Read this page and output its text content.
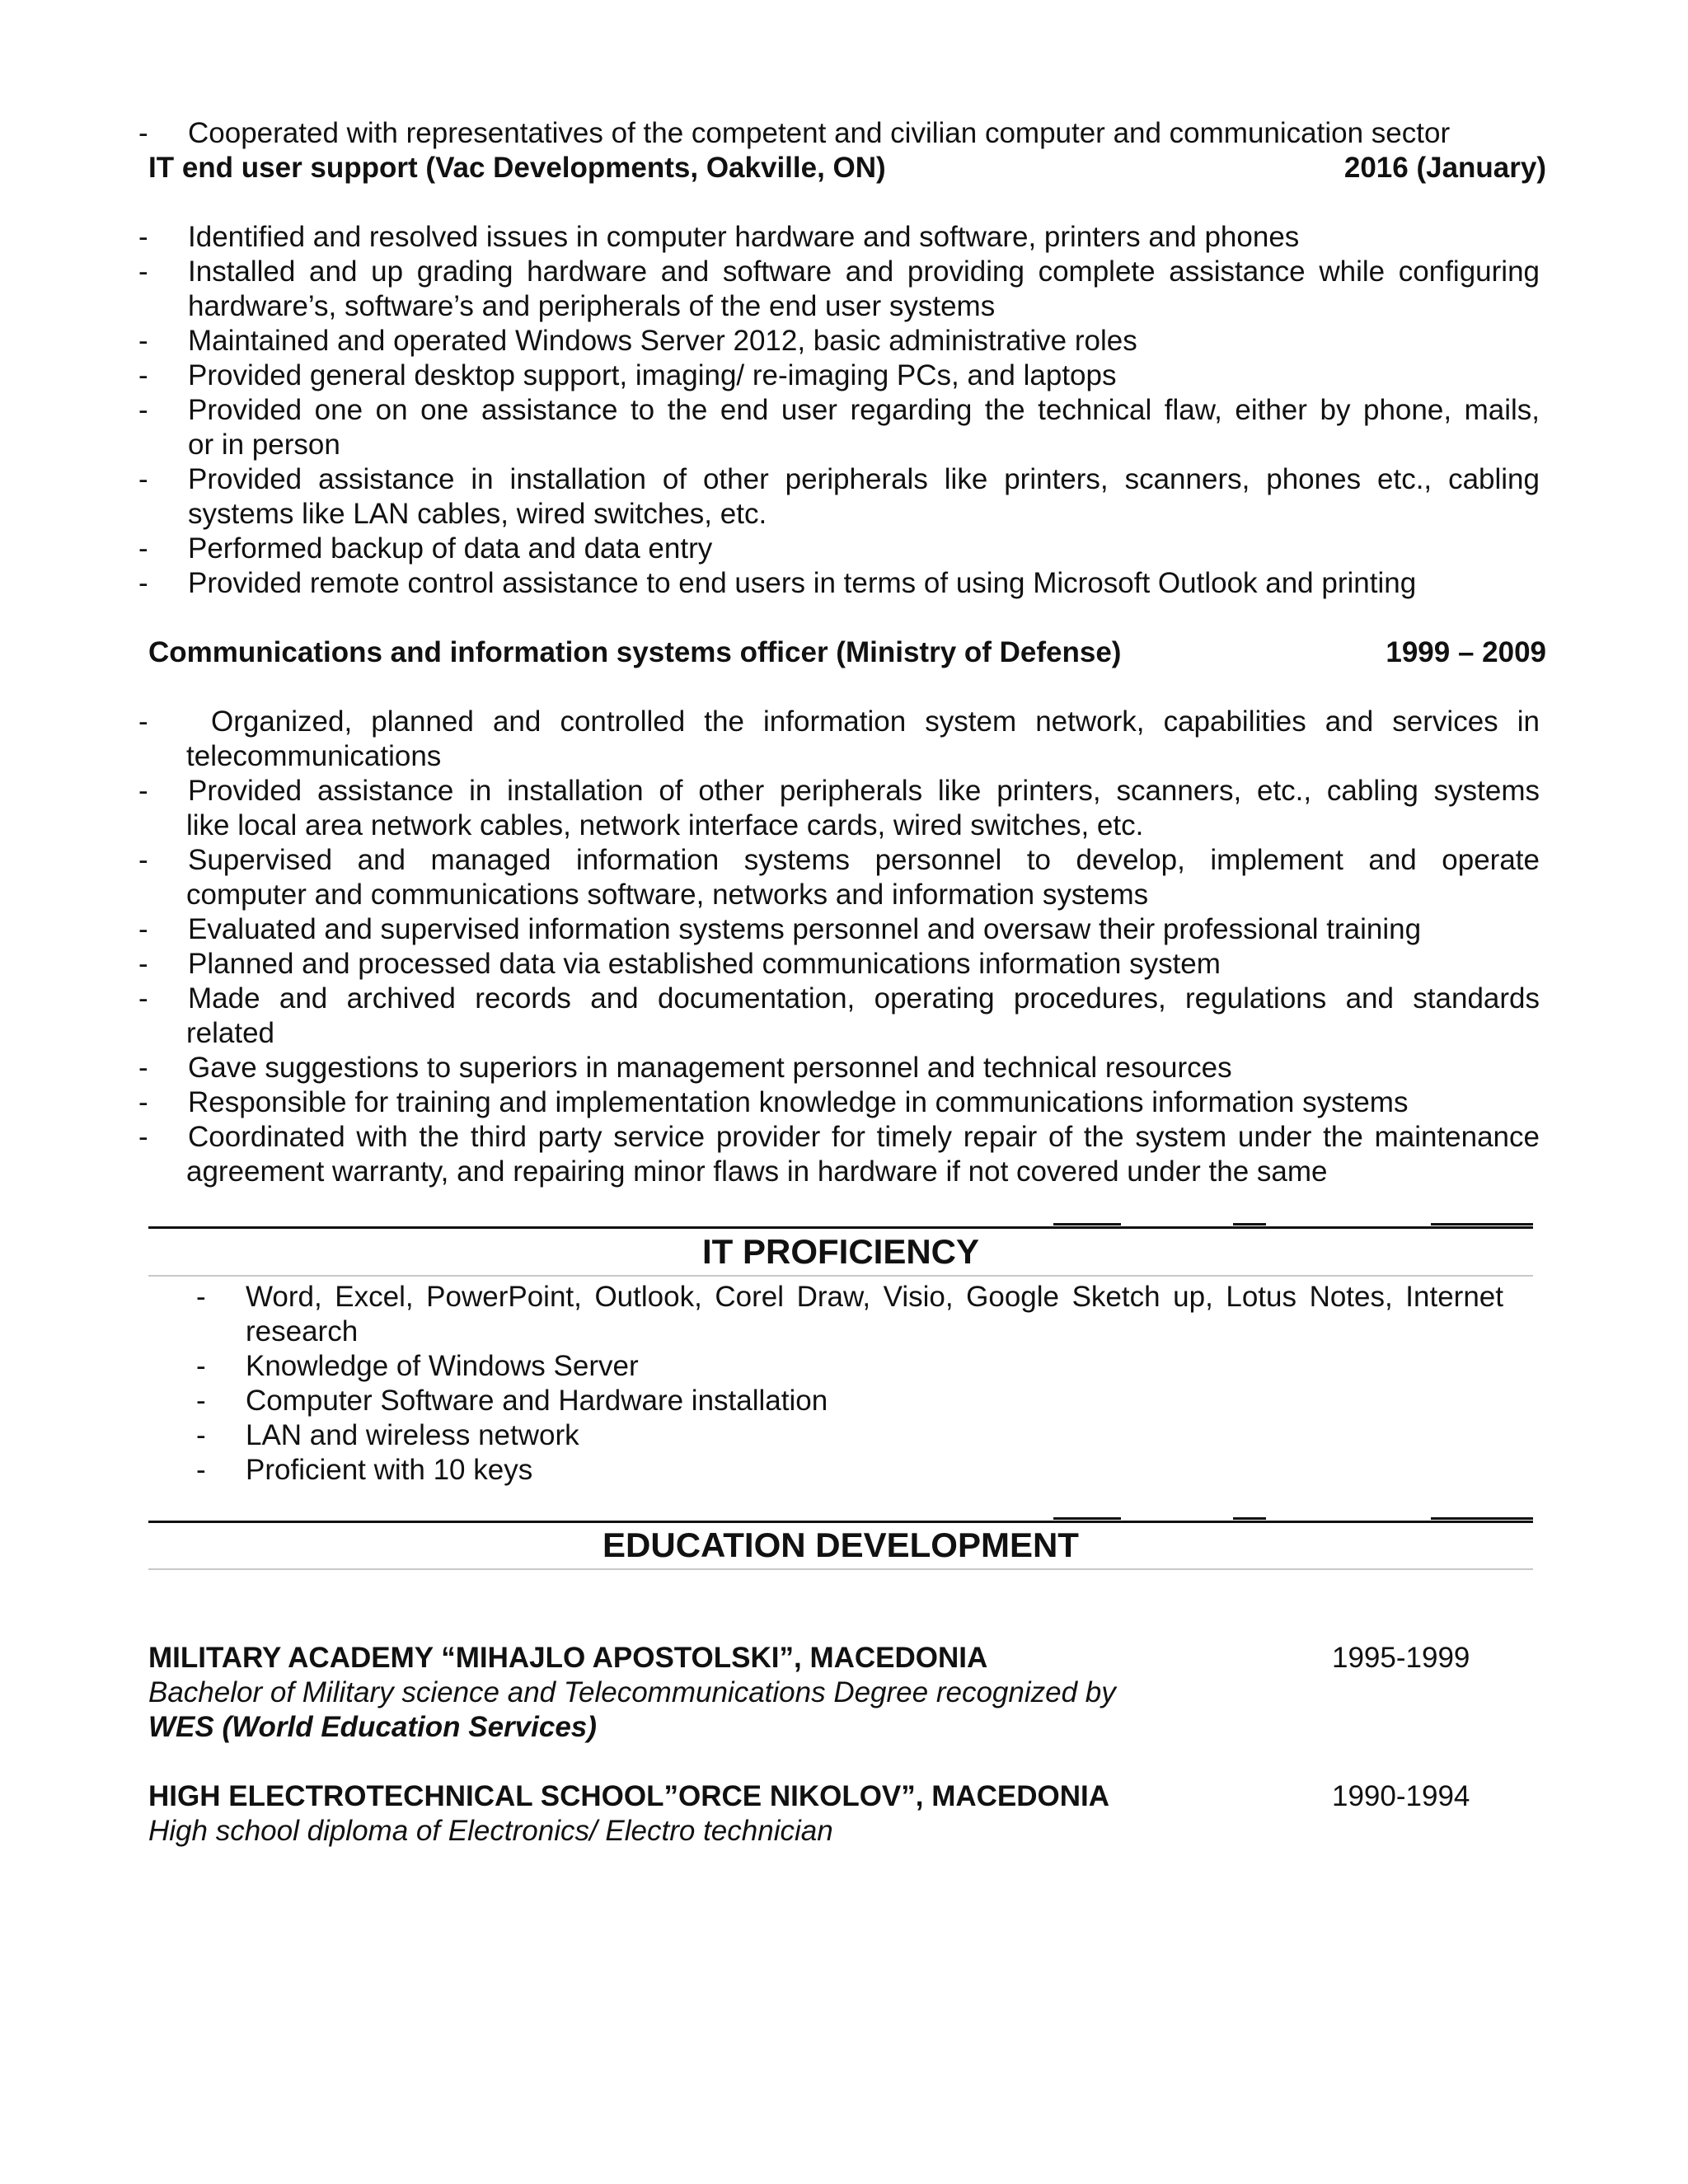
- Cooperated with representatives of the competent and civilian computer and communication sector
IT end user support (Vac Developments, Oakville, ON)	2016 (January)
- Identified and resolved issues in computer hardware and software, printers and phones
- Installed and up grading hardware and software and providing complete assistance while configuring
hardware’s, software’s and peripherals of the end user systems
- Maintained and operated Windows Server 2012, basic administrative roles
- Provided general desktop support, imaging/ re-imaging PCs, and laptops
- Provided one on one assistance to the end user regarding the technical flaw, either by phone, mails,
or in person
- Provided assistance in installation of other peripherals like printers, scanners, phones etc., cabling
systems like LAN cables, wired switches, etc.
- Performed backup of data and data entry
- Provided remote control assistance to end users in terms of using Microsoft Outlook and printing
Communications and information systems officer (Ministry of Defense)	1999 – 2009
- Organized, planned and controlled the information system network, capabilities and services in
telecommunications
- Provided assistance in installation of other peripherals like printers, scanners, etc., cabling systems
like local area network cables, network interface cards, wired switches, etc.
- Supervised and managed information systems personnel to develop, implement and operate
computer and communications software, networks and information systems
- Evaluated and supervised information systems personnel and oversaw their professional training
- Planned and processed data via established communications information system
- Made and archived records and documentation, operating procedures, regulations and standards
related
- Gave suggestions to superiors in management personnel and technical resources
- Responsible for training and implementation knowledge in communications information systems
- Coordinated with the third party service provider for timely repair of the system under the maintenance
agreement warranty, and repairing minor flaws in hardware if not covered under the same
IT PROFICIENCY
- Word, Excel, PowerPoint, Outlook, Corel Draw, Visio, Google Sketch up, Lotus Notes, Internet
research
- Knowledge of Windows Server
- Computer Software and Hardware installation
- LAN and wireless network
- Proficient with 10 keys
EDUCATION DEVELOPMENT
MILITARY ACADEMY “MIHAJLO APOSTOLSKI”, MACEDONIA	1995-1999
Bachelor of Military science and Telecommunications Degree recognized by
WES (World Education Services)
HIGH ELECTROTECHNICAL SCHOOL”ORCE NIKOLOV”, MACEDONIA	1990-1994
High school diploma of Electronics/ Electro technician
